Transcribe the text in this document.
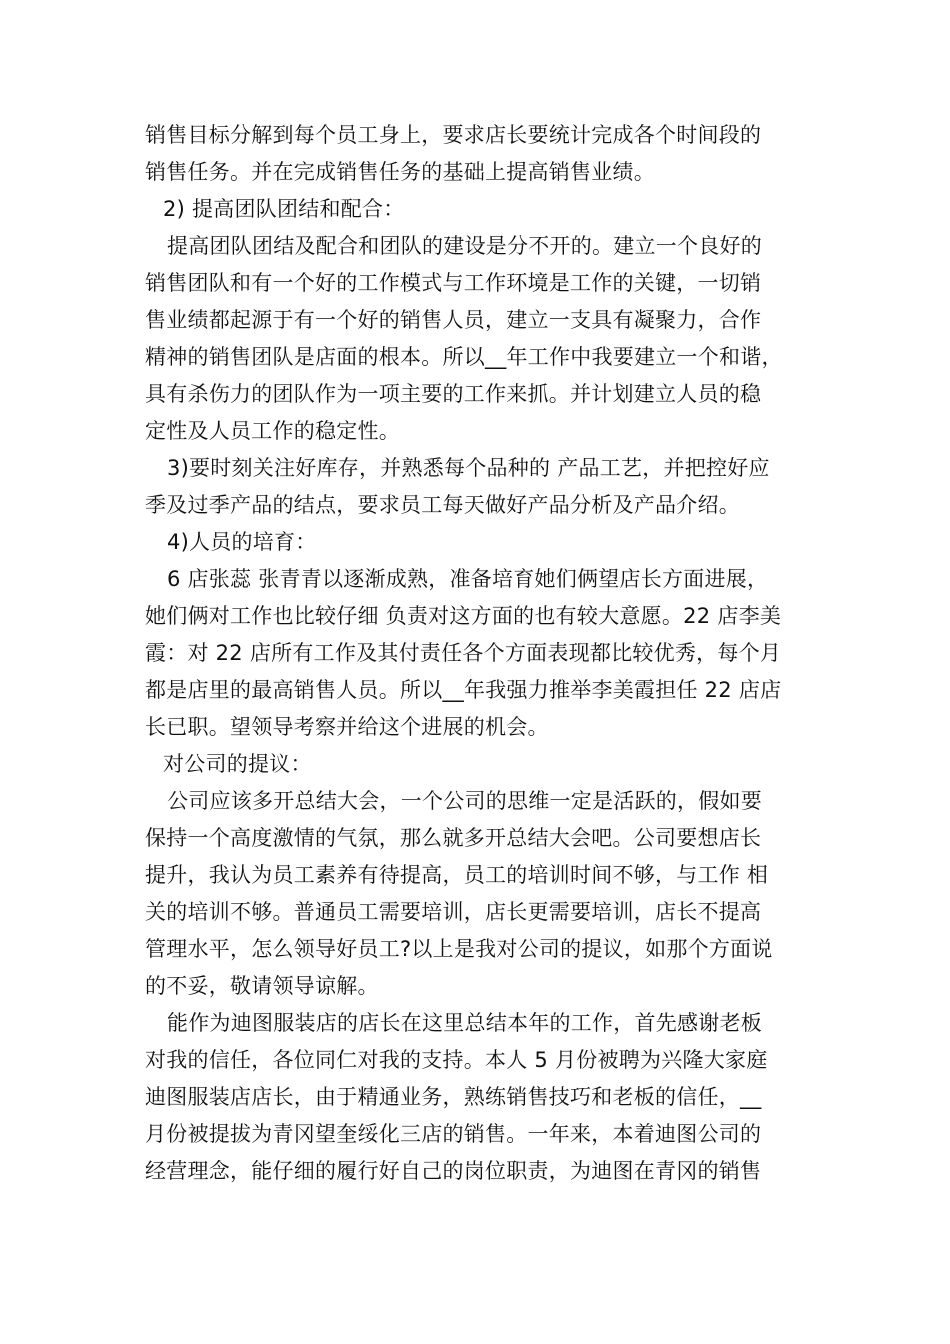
销售目标分解到每个员工身上，要求店长要统计完成各个时间段的
销售任务。并在完成销售任务的基础上提高销售业绩。
2) 提高团队团结和配合：
提高团队团结及配合和团队的建设是分不开的。建立一个良好的
销售团队和有一个好的工作模式与工作环境是工作的关键，一切销
售业绩都起源于有一个好的销售人员，建立一支具有凝聚力，合作
精神的销售团队是店面的根本。所以__年工作中我要建立一个和谐，
具有杀伤力的团队作为一项主要的工作来抓。并计划建立人员的稳
定性及人员工作的稳定性。
3)要时刻关注好库存，并熟悉每个品种的 产品工艺，并把控好应
季及过季产品的结点，要求员工每天做好产品分析及产品介绍。
4)人员的培育：
6 店张蕊 张青青以逐渐成熟，准备培育她们俩望店长方面进展，
她们俩对工作也比较仔细 负责对这方面的也有较大意愿。22 店李美
霞：对 22 店所有工作及其付责任各个方面表现都比较优秀，每个月
都是店里的最高销售人员。所以__年我强力推举李美霞担任 22 店店
长已职。望领导考察并给这个进展的机会。
对公司的提议：
公司应该多开总结大会，一个公司的思维一定是活跃的，假如要
保持一个高度激情的气氛，那么就多开总结大会吧。公司要想店长
提升，我认为员工素养有待提高，员工的培训时间不够，与工作 相
关的培训不够。普通员工需要培训，店长更需要培训，店长不提高
管理水平，怎么领导好员工?以上是我对公司的提议，如那个方面说
的不妥，敬请领导谅解。
能作为迪图服装店的店长在这里总结本年的工作，首先感谢老板
对我的信任，各位同仁对我的支持。本人 5 月份被聘为兴隆大家庭
迪图服装店店长，由于精通业务，熟练销售技巧和老板的信任，__
月份被提拔为青冈望奎绥化三店的销售。一年来，本着迪图公司的
经营理念，能仔细的履行好自己的岗位职责，为迪图在青冈的销售
